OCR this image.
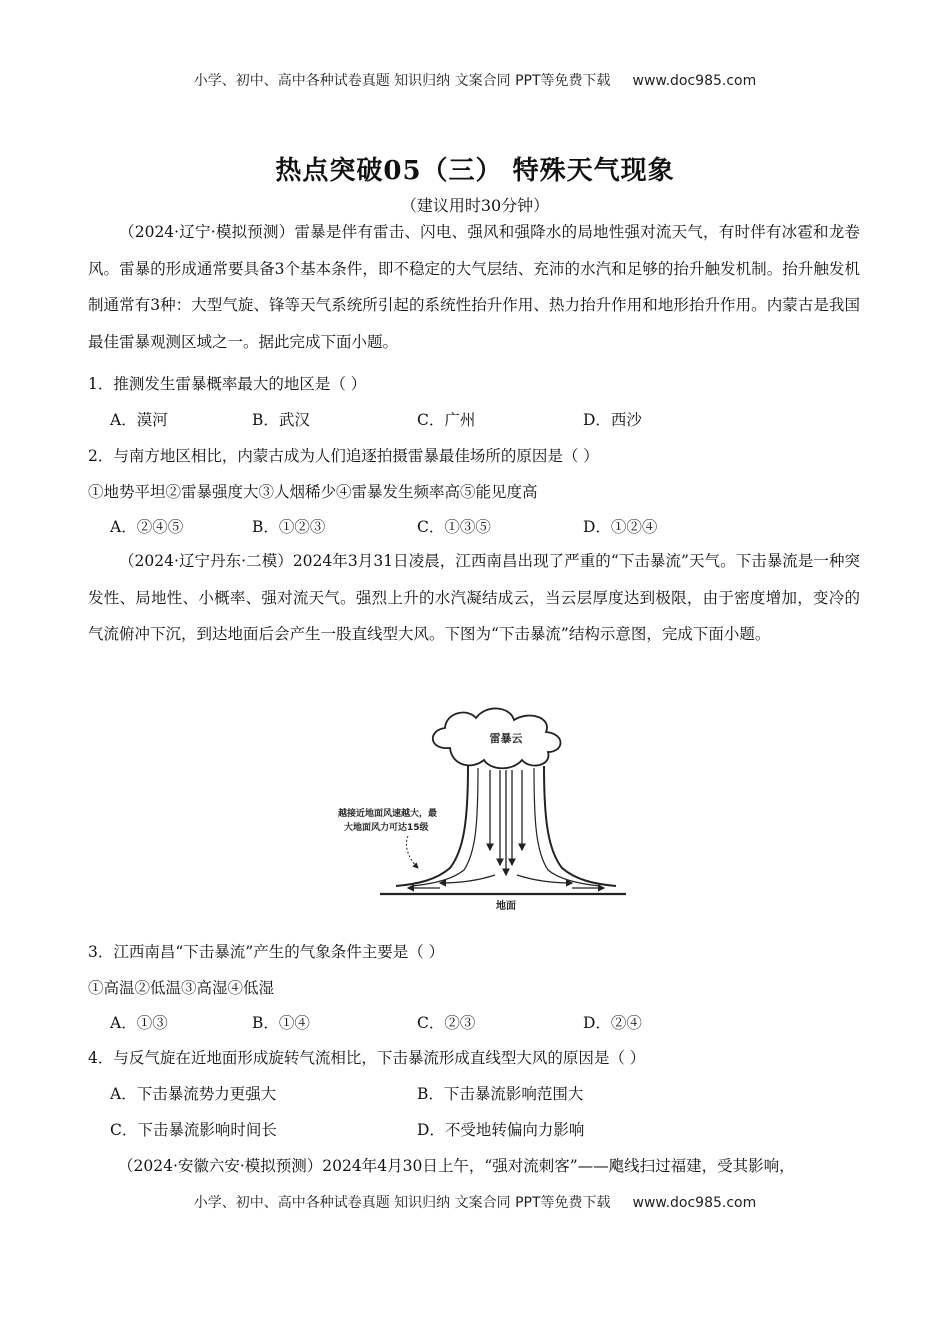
小学、初中、高中各种试卷真题 知识归纳 文案合同 PPT等免费下载 www.doc985.com
热点突破05（三） 特殊天气现象
（建议用时30分钟）
（2024·辽宁·模拟预测）雷暴是伴有雷击、闪电、强风和强降水的局地性强对流天气，有时伴有冰雹和龙卷风。雷暴的形成通常要具备3个基本条件，即不稳定的大气层结、充沛的水汽和足够的抬升触发机制。抬升触发机制通常有3种：大型气旋、锋等天气系统所引起的系统性抬升作用、热力抬升作用和地形抬升作用。内蒙古是我国最佳雷暴观测区域之一。据此完成下面小题。
1．推测发生雷暴概率最大的地区是（ ）
A．漠河	B．武汉	C．广州	D．西沙
2．与南方地区相比，内蒙古成为人们追逐拍摄雷暴最佳场所的原因是（ ）
①地势平坦②雷暴强度大③人烟稀少④雷暴发生频率高⑤能见度高
A．②④⑤	B．①②③	C．①③⑤	D．①②④
（2024·辽宁丹东·二模）2024年3月31日凌晨，江西南昌出现了严重的“下击暴流”天气。下击暴流是一种突发性、局地性、小概率、强对流天气。强烈上升的水汽凝结成云，当云层厚度达到极限，由于密度增加，变冷的气流俯冲下沉，到达地面后会产生一股直线型大风。下图为“下击暴流”结构示意图，完成下面小题。
雷暴云
越接近地面风速越大，最
大地面风力可达15级
地面
3．江西南昌“下击暴流”产生的气象条件主要是（ ）
①高温②低温③高湿④低湿
A．①③	B．①④	C．②③	D．②④
4．与反气旋在近地面形成旋转气流相比，下击暴流形成直线型大风的原因是（ ）
A．下击暴流势力更强大	B．下击暴流影响范围大
C．下击暴流影响时间长	D．不受地转偏向力影响
（2024·安徽六安·模拟预测）2024年4月30日上午，“强对流刺客”——飑线扫过福建，受其影响，
小学、初中、高中各种试卷真题 知识归纳 文案合同 PPT等免费下载 www.doc985.com
